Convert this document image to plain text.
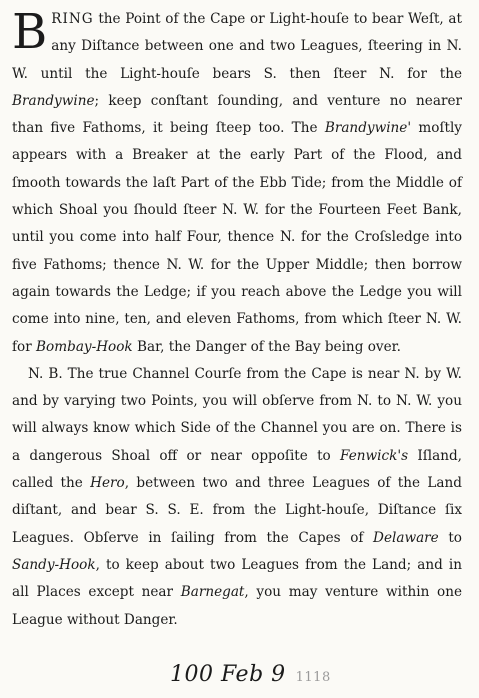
BRING the Point of the Cape or Light-houſe to bear Weſt, at any Diſtance between one and two Leagues, ſteering in N. W. until the Light-houſe bears S. then ſteer N. for the Brandywine; keep conſtant ſounding, and venture no nearer than five Fathoms, it being ſteep too. The Brandywine' moſtly appears with a Breaker at the early Part of the Flood, and ſmooth towards the laſt Part of the Ebb Tide; from the Middle of which Shoal you ſhould ſteer N. W. for the Fourteen Feet Bank, until you come into half Four, thence N. for the Croſsledge into five Fathoms; thence N. W. for the Upper Middle; then borrow again towards the Ledge; if you reach above the Ledge you will come into nine, ten, and eleven Fathoms, from which ſteer N. W. for Bombay-Hook Bar, the Danger of the Bay being over.

N. B. The true Channel Courſe from the Cape is near N. by W. and by varying two Points, you will obſerve from N. to N. W. you will always know which Side of the Channel you are on. There is a dangerous Shoal off or near oppoſite to Fenwick's Iſland, called the Hero, between two and three Leagues of the Land diſtant, and bear S. S. E. from the Light-houſe, Diſtance ſix Leagues. Obſerve in ſailing from the Capes of Delaware to Sandy-Hook, to keep about two Leagues from the Land; and in all Places except near Barnegat, you may venture within one League without Danger.

100 Feb 9 1118
